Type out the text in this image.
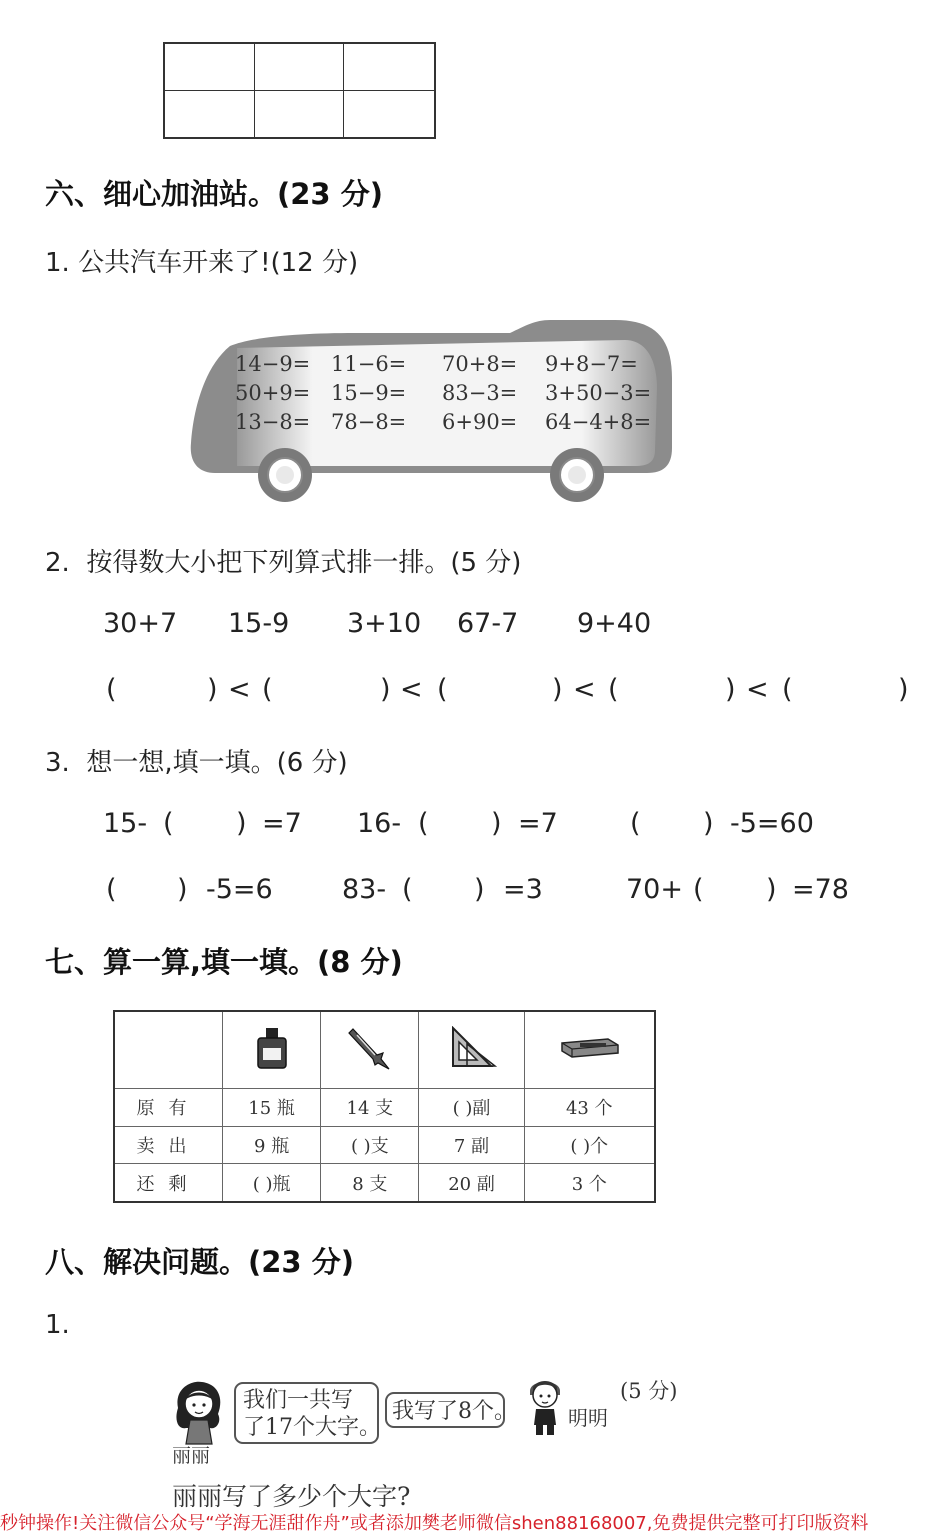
六、细心加油站。(23 分)
1. 公共汽车开来了!(12 分)
14−9= 11−6= 70+8= 9+8−7=
50+9= 15−9= 83−3= 3+50−3=
13−8= 78−8= 6+90= 64−4+8=
2.  按得数大小把下列算式排一排。(5 分)
30+7 15-9 3+10 67-7 9+40
(	) < (	) < (	) < (	) < (	)
3.  想一想,填一填。(6 分)
15- ( ) =7 16- ( ) =7	( ) -5=60
( ) -5=6	83- ( ) =3	70+ ( ) =78
七、算一算,填一填。(8 分)

原有	15 瓶	14 支	( )副	43 个
卖出	9 瓶	( )支	7 副	( )个
还剩	( )瓶	8 支	20 副	3 个
八、解决问题。(23 分)
1.
丽丽
我们一共写
了17个大字。
我写了8个。	明明
(5 分)
丽丽写了多少个大字?
秒钟操作!关注微信公众号“学海无涯甜作舟”或者添加樊老师微信shen88168007,免费提供完整可打印版资料
